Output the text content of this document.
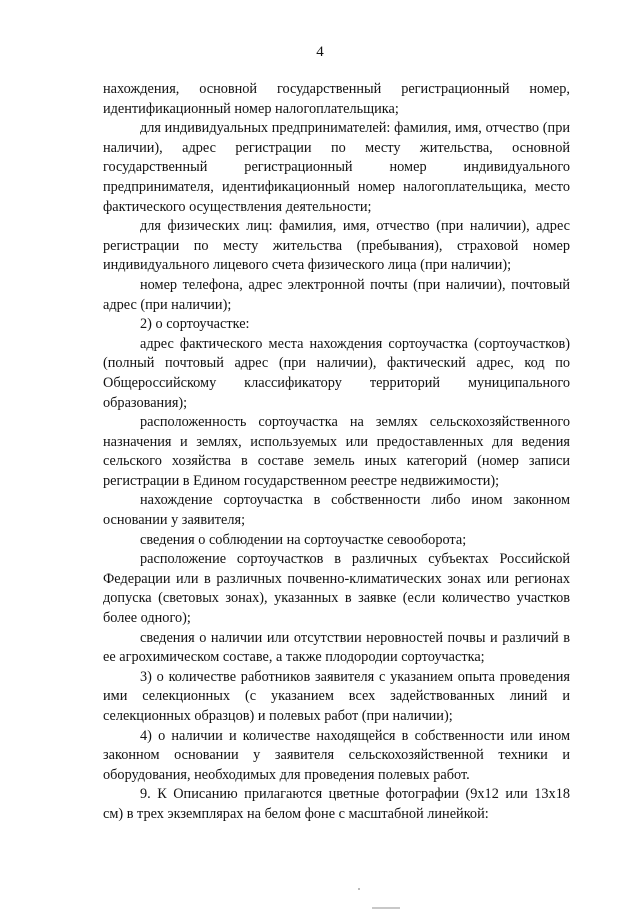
4

нахождения, основной государственный регистрационный номер, идентификационный номер налогоплательщика;

для индивидуальных предпринимателей: фамилия, имя, отчество (при наличии), адрес регистрации по месту жительства, основной государственный регистрационный номер индивидуального предпринимателя, идентификационный номер налогоплательщика, место фактического осуществления деятельности;

для физических лиц: фамилия, имя, отчество (при наличии), адрес регистрации по месту жительства (пребывания), страховой номер индивидуального лицевого счета физического лица (при наличии);

номер телефона, адрес электронной почты (при наличии), почтовый адрес (при наличии);

2) о сортоучастке:

адрес фактического места нахождения сортоучастка (сортоучастков) (полный почтовый адрес (при наличии), фактический адрес, код по Общероссийскому классификатору территорий муниципального образования);

расположенность сортоучастка на землях сельскохозяйственного назначения и землях, используемых или предоставленных для ведения сельского хозяйства в составе земель иных категорий (номер записи регистрации в Едином государственном реестре недвижимости);

нахождение сортоучастка в собственности либо ином законном основании у заявителя;

сведения о соблюдении на сортоучастке севооборота;

расположение сортоучастков в различных субъектах Российской Федерации или в различных почвенно-климатических зонах или регионах допуска (световых зонах), указанных в заявке (если количество участков более одного);

сведения о наличии или отсутствии неровностей почвы и различий в ее агрохимическом составе, а также плодородии сортоучастка;

3) о количестве работников заявителя с указанием опыта проведения ими селекционных (с указанием всех задействованных линий и селекционных образцов) и полевых работ (при наличии);

4) о наличии и количестве находящейся в собственности или ином законном основании у заявителя сельскохозяйственной техники и оборудования, необходимых для проведения полевых работ.

9. К Описанию прилагаются цветные фотографии (9x12 или 13x18 см) в трех экземплярах на белом фоне с масштабной линейкой:
